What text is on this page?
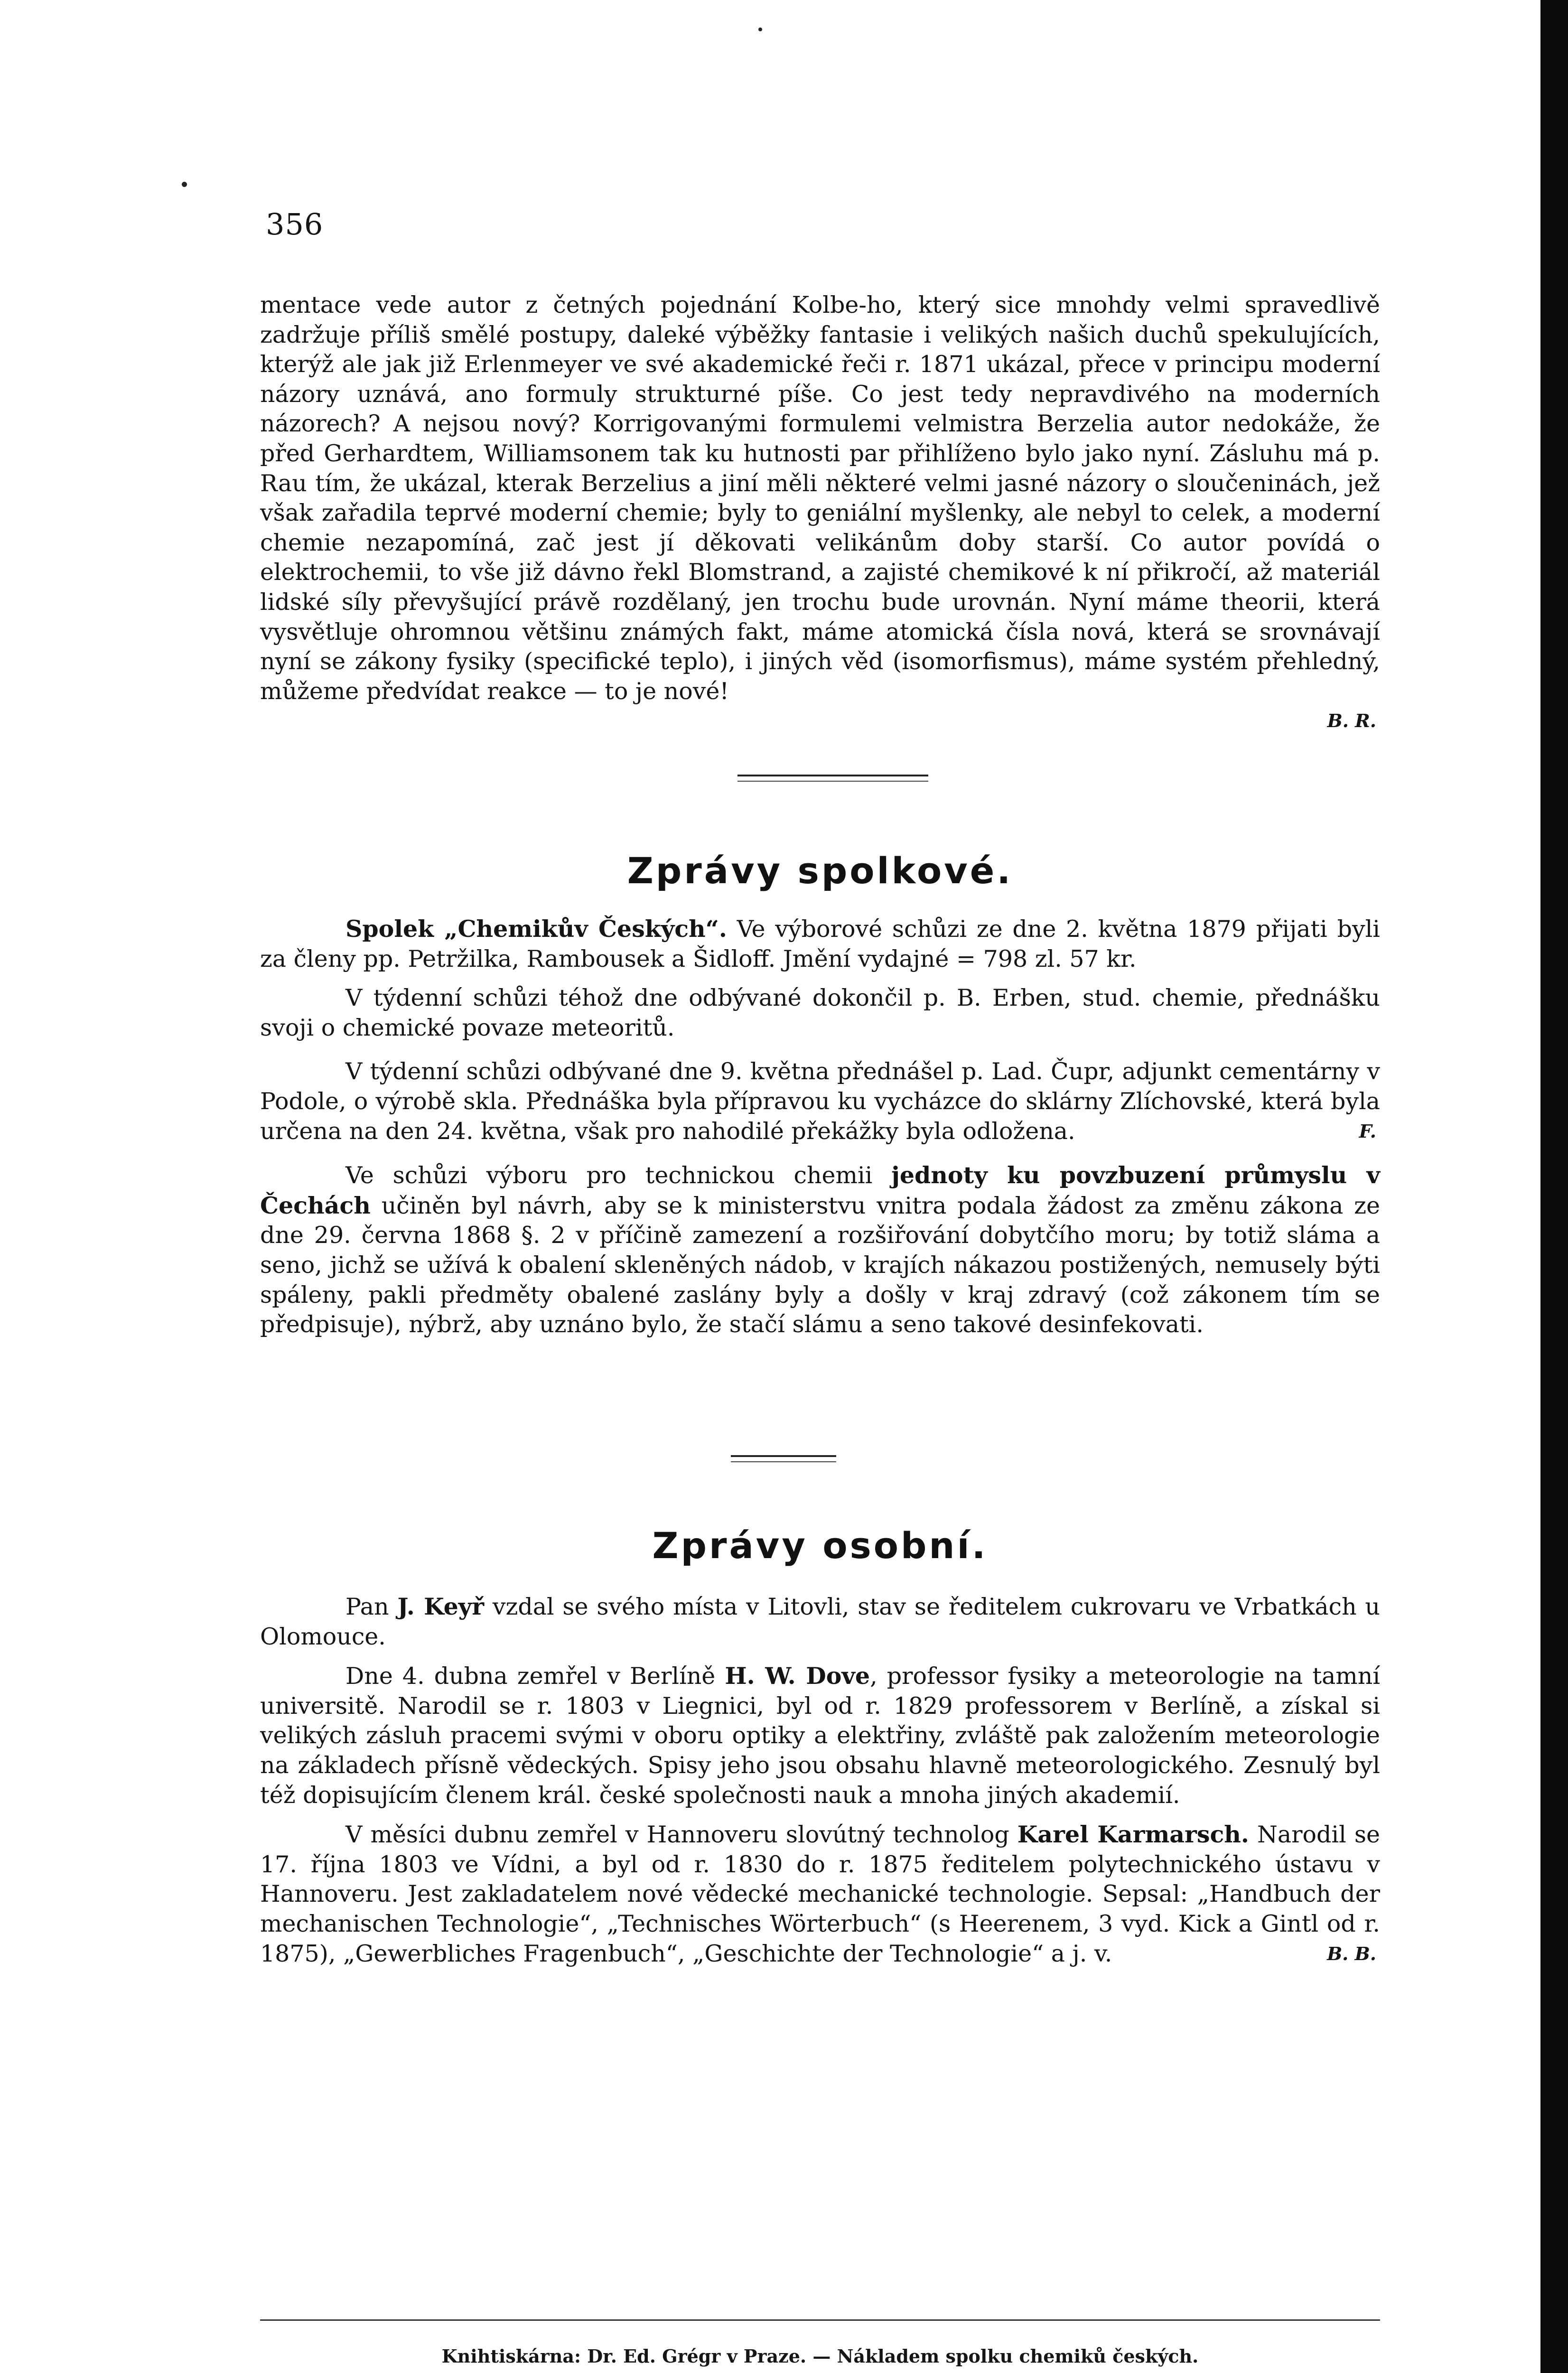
356

mentace vede autor z četných pojednání Kolbe-ho, který sice mnohdy velmi spravedlivě zadržuje příliš smělé postupy, daleké výběžky fantasie i velikých našich duchů spekulujících, kterýž ale jak již Erlenmeyer ve své akademické řeči r. 1871 ukázal, přece v principu moderní názory uznává, ano formuly strukturné píše. Co jest tedy nepravdivého na moderních názorech? A nejsou nový? Korrigovanými formulemi velmistra Berzelia autor nedokáže, že před Gerhardtem, Williamsonem tak ku hutnosti par přihlíženo bylo jako nyní. Zásluhu má p. Rau tím, že ukázal, kterak Berzelius a jiní měli některé velmi jasné názory o sloučeninách, jež však zařadila teprvé moderní chemie; byly to geniální myšlenky, ale nebyl to celek, a moderní chemie nezapomíná, zač jest jí děkovati velikánům doby starší. Co autor povídá o elektrochemii, to vše již dávno řekl Blomstrand, a zajisté chemikové k ní přikročí, až materiál lidské síly převyšující právě rozdělaný, jen trochu bude urovnán. Nyní máme theorii, která vysvětluje ohromnou většinu známých fakt, máme atomická čísla nová, která se srovnávají nyní se zákony fysiky (specifické teplo), i jiných věd (isomorfismus), máme systém přehledný, můžeme předvídat reakce — to je nové!

B. R.
Zprávy spolkové.

Spolek „Chemikův Českých“. Ve výborové schůzi ze dne 2. května 1879 přijati byli za členy pp. Petržilka, Rambousek a Šidloff. Jmění vydajné = 798 zl. 57 kr.

V týdenní schůzi téhož dne odbývané dokončil p. B. Erben, stud. chemie, přednášku svoji o chemické povaze meteoritů.

V týdenní schůzi odbývané dne 9. května přednášel p. Lad. Čupr, adjunkt cementárny v Podole, o výrobě skla. Přednáška byla přípravou ku vycházce do sklárny Zlíchovské, která byla určena na den 24. května, však pro nahodilé překážky byla odložena.	F.

Ve schůzi výboru pro technickou chemii jednoty ku povzbuzení průmyslu v Čechách učiněn byl návrh, aby se k ministerstvu vnitra podala žádost za změnu zákona ze dne 29. června 1868 §. 2 v příčině zamezení a rozšiřování dobytčího moru; by totiž sláma a seno, jichž se užívá k obalení skleněných nádob, v krajích nákazou postižených, nemusely býti spáleny, pakli předměty obalené zaslány byly a došly v kraj zdravý (což zákonem tím se předpisuje), nýbrž, aby uznáno bylo, že stačí slámu a seno takové desinfekovati.

Zprávy osobní.

Pan J. Keyř vzdal se svého místa v Litovli, stav se ředitelem cukrovaru ve Vrbatkách u Olomouce.

Dne 4. dubna zemřel v Berlíně H. W. Dove, professor fysiky a meteorologie na tamní universitě. Narodil se r. 1803 v Liegnici, byl od r. 1829 professorem v Berlíně, a získal si velikých zásluh pracemi svými v oboru optiky a elektřiny, zvláště pak založením meteorologie na základech přísně vědeckých. Spisy jeho jsou obsahu hlavně meteorologického. Zesnulý byl též dopisujícím členem král. české společnosti nauk a mnoha jiných akademií.

V měsíci dubnu zemřel v Hannoveru slovútný technolog Karel Karmarsch. Narodil se 17. října 1803 ve Vídni, a byl od r. 1830 do r. 1875 ředitelem polytechnického ústavu v Hannoveru. Jest zakladatelem nové vědecké mechanické technologie. Sepsal: „Handbuch der mechanischen Technologie“, „Technisches Wörterbuch“ (s Heerenem, 3 vyd. Kick a Gintl od r. 1875), „Gewerbliches Fragenbuch“, „Geschichte der Technologie“ a j. v.	B. B.

Knihtiskárna: Dr. Ed. Grégr v Praze. — Nákladem spolku chemiků českých.
